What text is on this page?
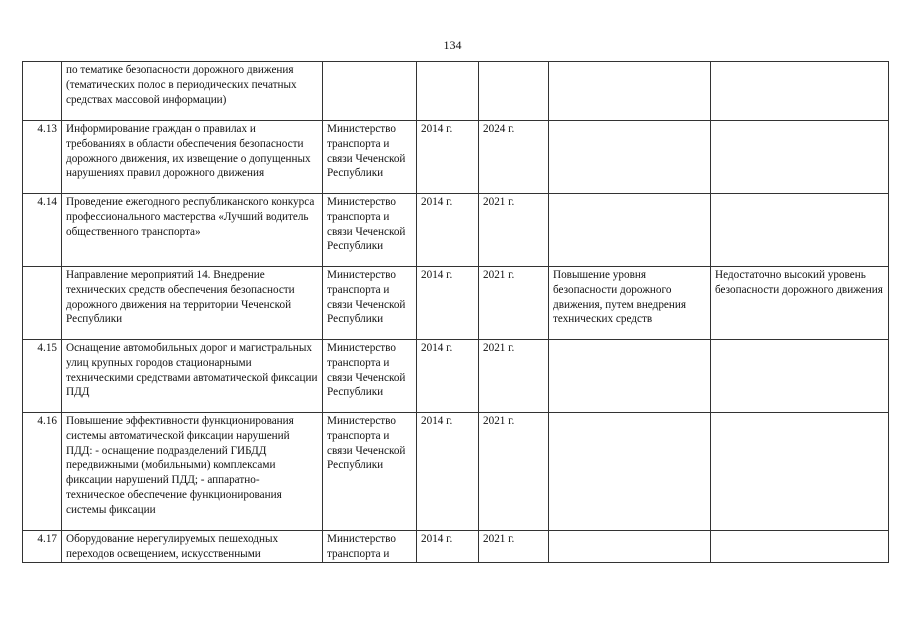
134
	по тематике безопасности дорожного движения (тематических полос в периодических печатных средствах массовой информации)					
4.13	Информирование граждан о правилах и требованиях в области обеспечения безопасности дорожного движения, их извещение о допущенных нарушениях правил дорожного движения	Министерство транспорта и связи Чеченской Республики	2014 г.	2024 г.		
4.14	Проведение ежегодного республиканского конкурса профессионального мастерства «Лучший водитель общественного транспорта»	Министерство транспорта и связи Чеченской Республики	2014 г.	2021 г.		
	Направление мероприятий 14. Внедрение технических средств обеспечения безопасности дорожного движения на территории Чеченской Республики	Министерство транспорта и связи Чеченской Республики	2014 г.	2021 г.	Повышение уровня безопасности дорожного движения, путем внедрения технических средств	Недостаточно высокий уровень безопасности дорожного движения
4.15	Оснащение автомобильных дорог и магистральных улиц крупных городов стационарными техническими средствами автоматической фиксации ПДД	Министерство транспорта и связи Чеченской Республики	2014 г.	2021 г.		
4.16	Повышение эффективности функционирования системы автоматической фиксации нарушений ПДД: - оснащение подразделений ГИБДД передвижными (мобильными) комплексами фиксации нарушений ПДД; - аппаратно-техническое обеспечение функционирования системы фиксации	Министерство транспорта и связи Чеченской Республики	2014 г.	2021 г.		
4.17	Оборудование нерегулируемых пешеходных переходов освещением, искусственными	Министерство транспорта и	2014 г.	2021 г.		
